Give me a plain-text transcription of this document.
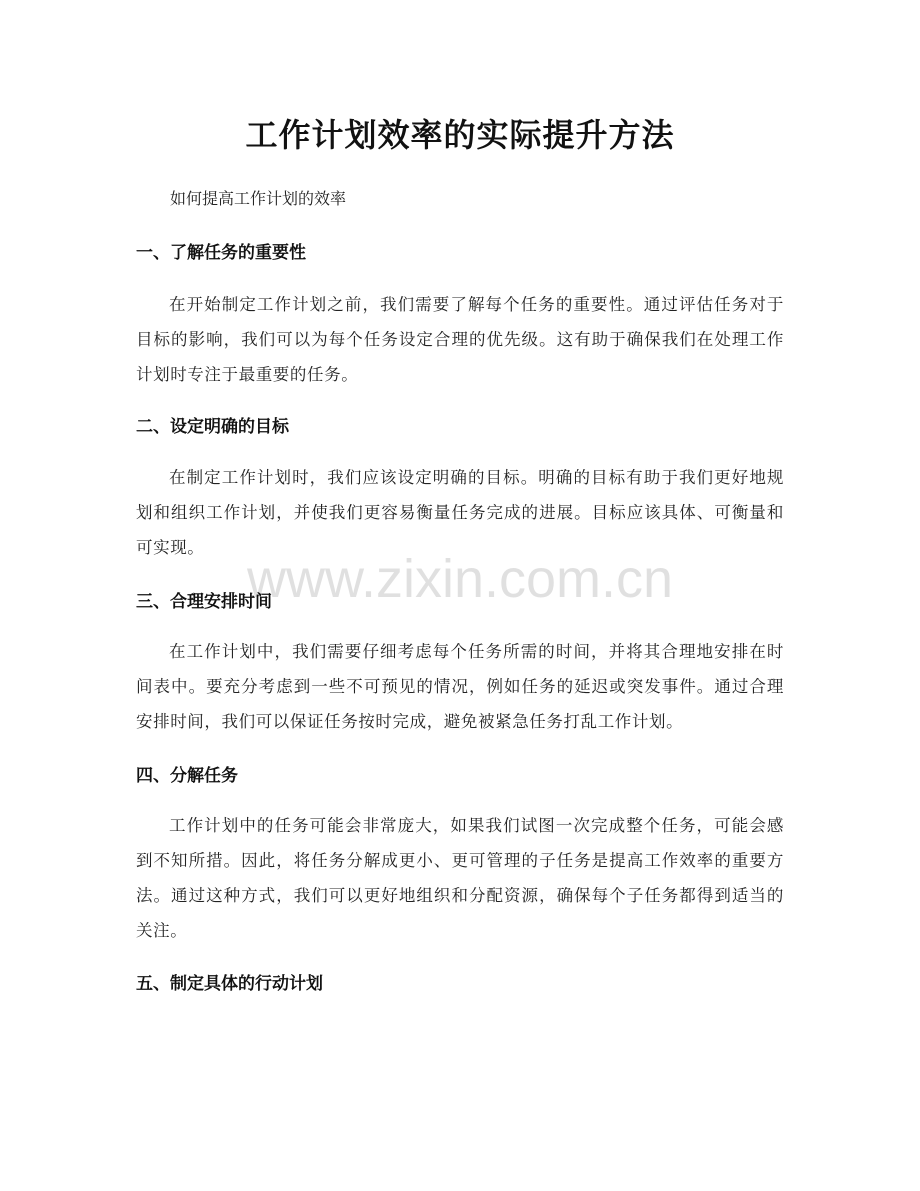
工作计划效率的实际提升方法

如何提高工作计划的效率

一、了解任务的重要性

在开始制定工作计划之前，我们需要了解每个任务的重要性。通过评估任务对于目标的影响，我们可以为每个任务设定合理的优先级。这有助于确保我们在处理工作计划时专注于最重要的任务。

二、设定明确的目标

在制定工作计划时，我们应该设定明确的目标。明确的目标有助于我们更好地规划和组织工作计划，并使我们更容易衡量任务完成的进展。目标应该具体、可衡量和可实现。

三、合理安排时间

在工作计划中，我们需要仔细考虑每个任务所需的时间，并将其合理地安排在时间表中。要充分考虑到一些不可预见的情况，例如任务的延迟或突发事件。通过合理安排时间，我们可以保证任务按时完成，避免被紧急任务打乱工作计划。

四、分解任务

工作计划中的任务可能会非常庞大，如果我们试图一次完成整个任务，可能会感到不知所措。因此，将任务分解成更小、更可管理的子任务是提高工作效率的重要方法。通过这种方式，我们可以更好地组织和分配资源，确保每个子任务都得到适当的关注。

五、制定具体的行动计划
www.zixin.com.cn
